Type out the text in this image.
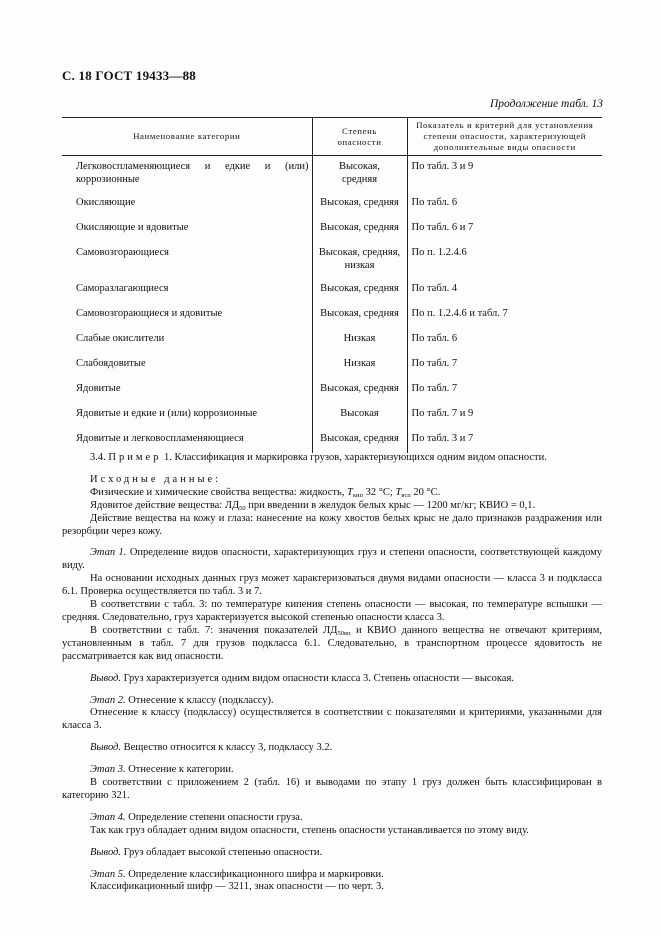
С. 18 ГОСТ 19433—88
Продолжение табл. 13
Наименование категории	Степень опасности	Показатель и критерий для установления степени опасности, характеризующей дополнительные виды опасности
Легковоспламеняющиеся и едкие и (или) коррозионные	Высокая, средняя	По табл. 3 и 9
Окисляющие	Высокая, средняя	По табл. 6
Окисляющие и ядовитые	Высокая, средняя	По табл. 6 и 7
Самовозгорающиеся	Высокая, средняя, низкая	По п. 1.2.4.6
Саморазлагающиеся	Высокая, средняя	По табл. 4
Самовозгорающиеся и ядовитые	Высокая, средняя	По п. 1.2.4.6 и табл. 7
Слабые окислители	Низкая	По табл. 6
Слабоядовитые	Низкая	По табл. 7
Ядовитые	Высокая, средняя	По табл. 7
Ядовитые и едкие и (или) коррозионные	Высокая	По табл. 7 и 9
Ядовитые и легковоспламеняющиеся	Высокая, средняя	По табл. 3 и 7

3.4. Пример 1. Классификация и маркировка грузов, характеризующихся одним видом опасности.

Исходные данные:

Физические и химические свойства вещества: жидкость, $T_{кип}$ 32 °C; $T_{всп}$ 20 °C.

Ядовитое действие вещества: $ЛД_{50}$ при введении в желудок белых крыс — 1200 мг/кг; КВИО = 0,1.

Действие вещества на кожу и глаза: нанесение на кожу хвостов белых крыс не дало признаков раздражения или резорбции через кожу.

Этап 1. Определение видов опасности, характеризующих груз и степени опасности, соответствующей каждому виду.

На основании исходных данных груз может характеризоваться двумя видами опасности — класса 3 и подкласса 6.1. Проверка осуществляется по табл. 3 и 7.

В соответствии с табл. 3: по температуре кипения степень опасности — высокая, по температуре вспышки — средняя. Следовательно, груз характеризуется высокой степенью опасности класса 3.

В соответствии с табл. 7: значения показателей $ЛД_{50вн}$ и КВИО данного вещества не отвечают критериям, установленным в табл. 7 для грузов подкласса 6.1. Следовательно, в транспортном процессе ядовитость не рассматривается как вид опасности.

Вывод. Груз характеризуется одним видом опасности класса 3. Степень опасности — высокая.

Этап 2. Отнесение к классу (подклассу).

Отнесение к классу (подклассу) осуществляется в соответствии с показателями и критериями, указанными для класса 3.

Вывод. Вещество относится к классу 3, подклассу 3.2.

Этап 3. Отнесение к категории.

В соответствии с приложением 2 (табл. 16) и выводами по этапу 1 груз должен быть классифицирован в категорию 321.

Этап 4. Определение степени опасности груза.

Так как груз обладает одним видом опасности, степень опасности устанавливается по этому виду.

Вывод. Груз обладает высокой степенью опасности.

Этап 5. Определение классификационного шифра и маркировки.

Классификационный шифр — 3211, знак опасности — по черт. 3.
